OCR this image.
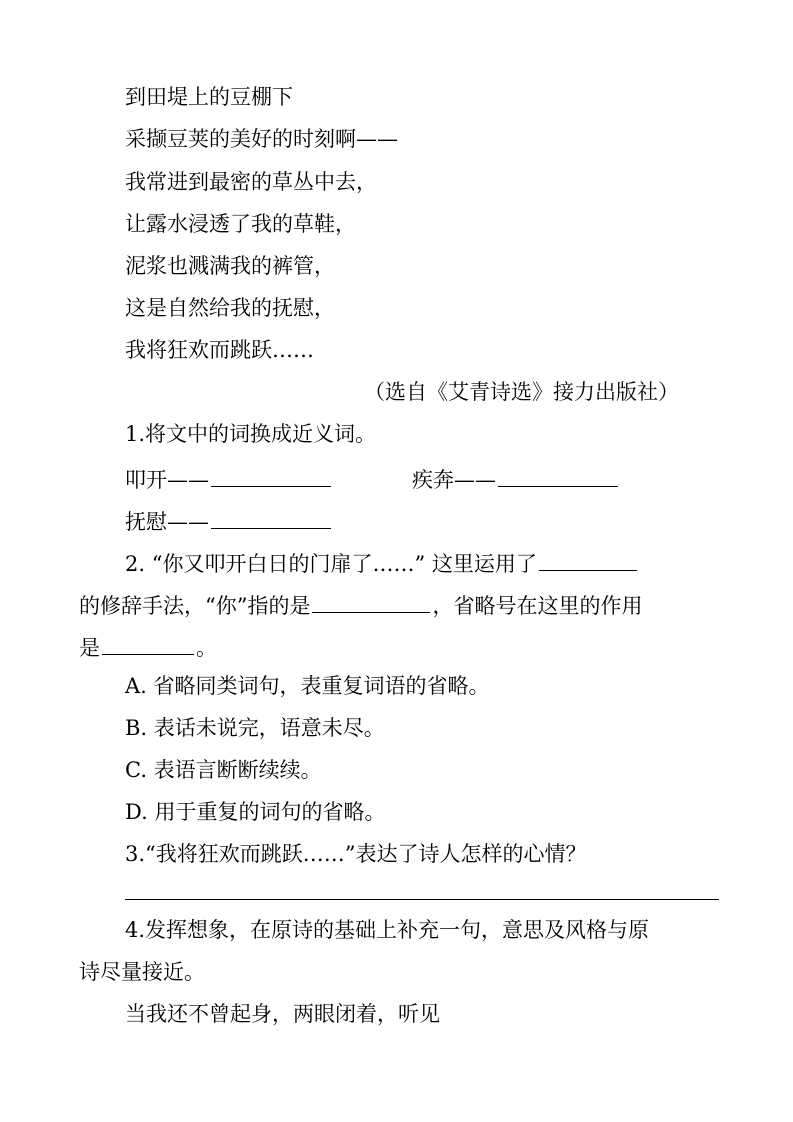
到田堤上的豆棚下
采撷豆荚的美好的时刻啊——
我常进到最密的草丛中去，
让露水浸透了我的草鞋，
泥浆也溅满我的裤管，
这是自然给我的抚慰，
我将狂欢而跳跃……
（选自《艾青诗选》接力出版社）
1.将文中的词换成近义词。
叩开——	疾奔——
抚慰——
2. “你又叩开白日的门扉了……” 这里运用了
的修辞手法，“你”指的是	，省略号在这里的作用
是	。
A. 省略同类词句，表重复词语的省略。
B. 表话未说完，语意未尽。
C. 表语言断断续续。
D. 用于重复的词句的省略。
3.“我将狂欢而跳跃……”表达了诗人怎样的心情？
4.发挥想象，在原诗的基础上补充一句，意思及风格与原
诗尽量接近。
当我还不曾起身，两眼闭着，听见
